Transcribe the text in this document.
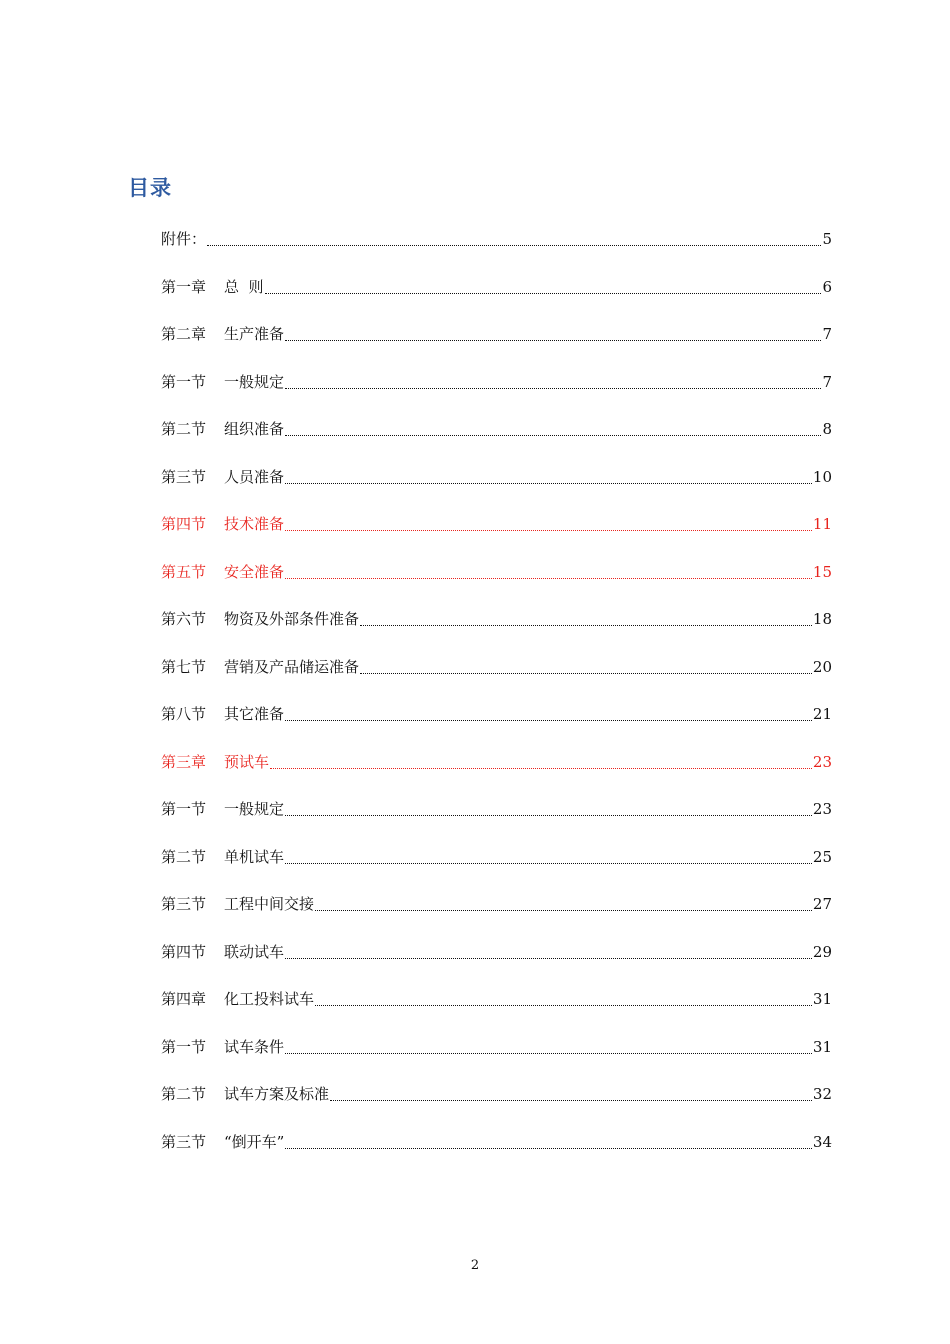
目录
附件：	5
第一章 总  则	6
第二章 生产准备	7
第一节 一般规定	7
第二节 组织准备	8
第三节 人员准备	10
第四节 技术准备	11
第五节 安全准备	15
第六节 物资及外部条件准备	18
第七节 营销及产品储运准备	20
第八节 其它准备	21
第三章 预试车	23
第一节 一般规定	23
第二节 单机试车	25
第三节 工程中间交接	27
第四节 联动试车	29
第四章 化工投料试车	31
第一节 试车条件	31
第二节 试车方案及标准	32
第三节 “倒开车”	34
2
